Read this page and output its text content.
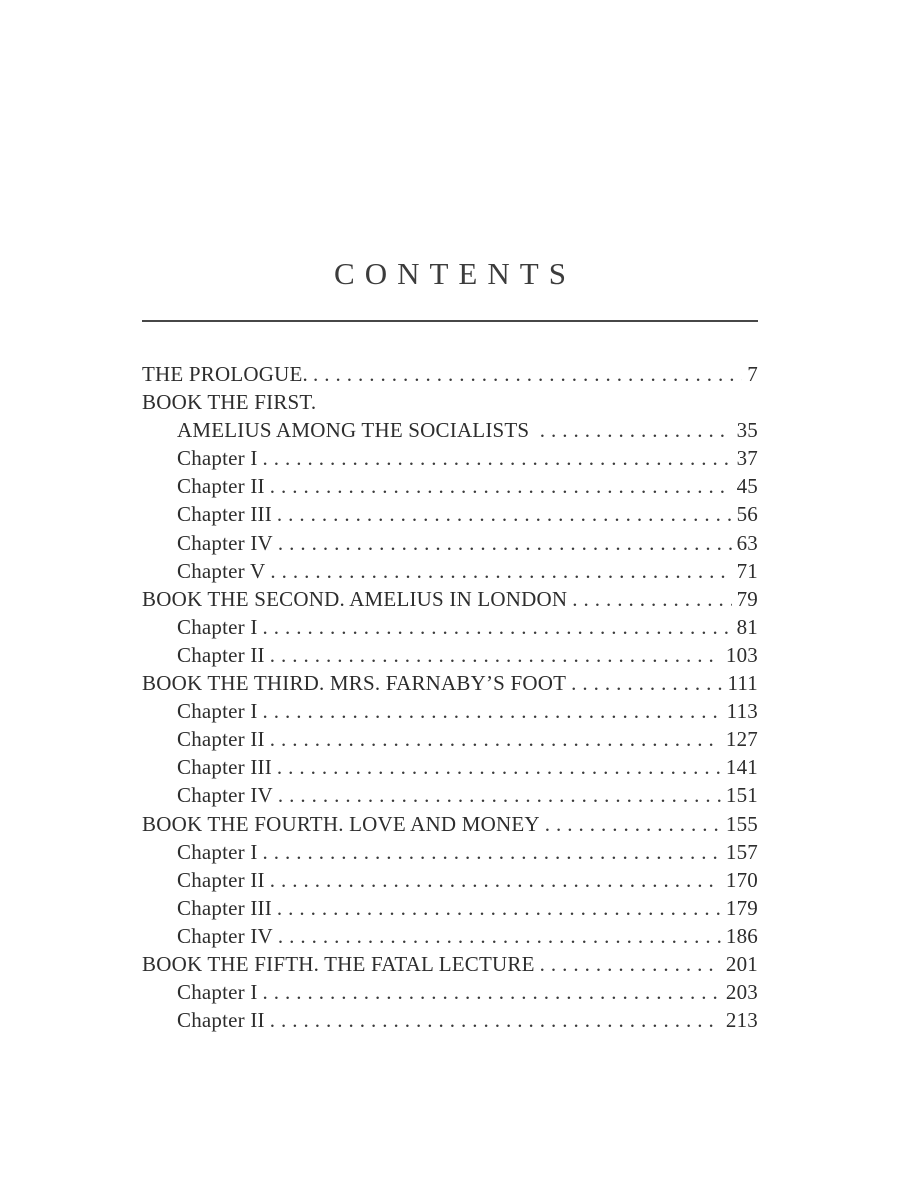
CONTENTS
THE PROLOGUE. .....	7
BOOK THE FIRST.
AMELIUS AMONG THE SOCIALISTS .....	35
Chapter I .....	37
Chapter II .....	45
Chapter III .....	56
Chapter IV .....	63
Chapter V .....	71
BOOK THE SECOND. AMELIUS IN LONDON .....	79
Chapter I .....	81
Chapter II .....	103
BOOK THE THIRD. MRS. FARNABY’S FOOT .....	111
Chapter I .....	113
Chapter II .....	127
Chapter III .....	141
Chapter IV .....	151
BOOK THE FOURTH. LOVE AND MONEY .....	155
Chapter I .....	157
Chapter II .....	170
Chapter III .....	179
Chapter IV .....	186
BOOK THE FIFTH. THE FATAL LECTURE .....	201
Chapter I .....	203
Chapter II .....	213
